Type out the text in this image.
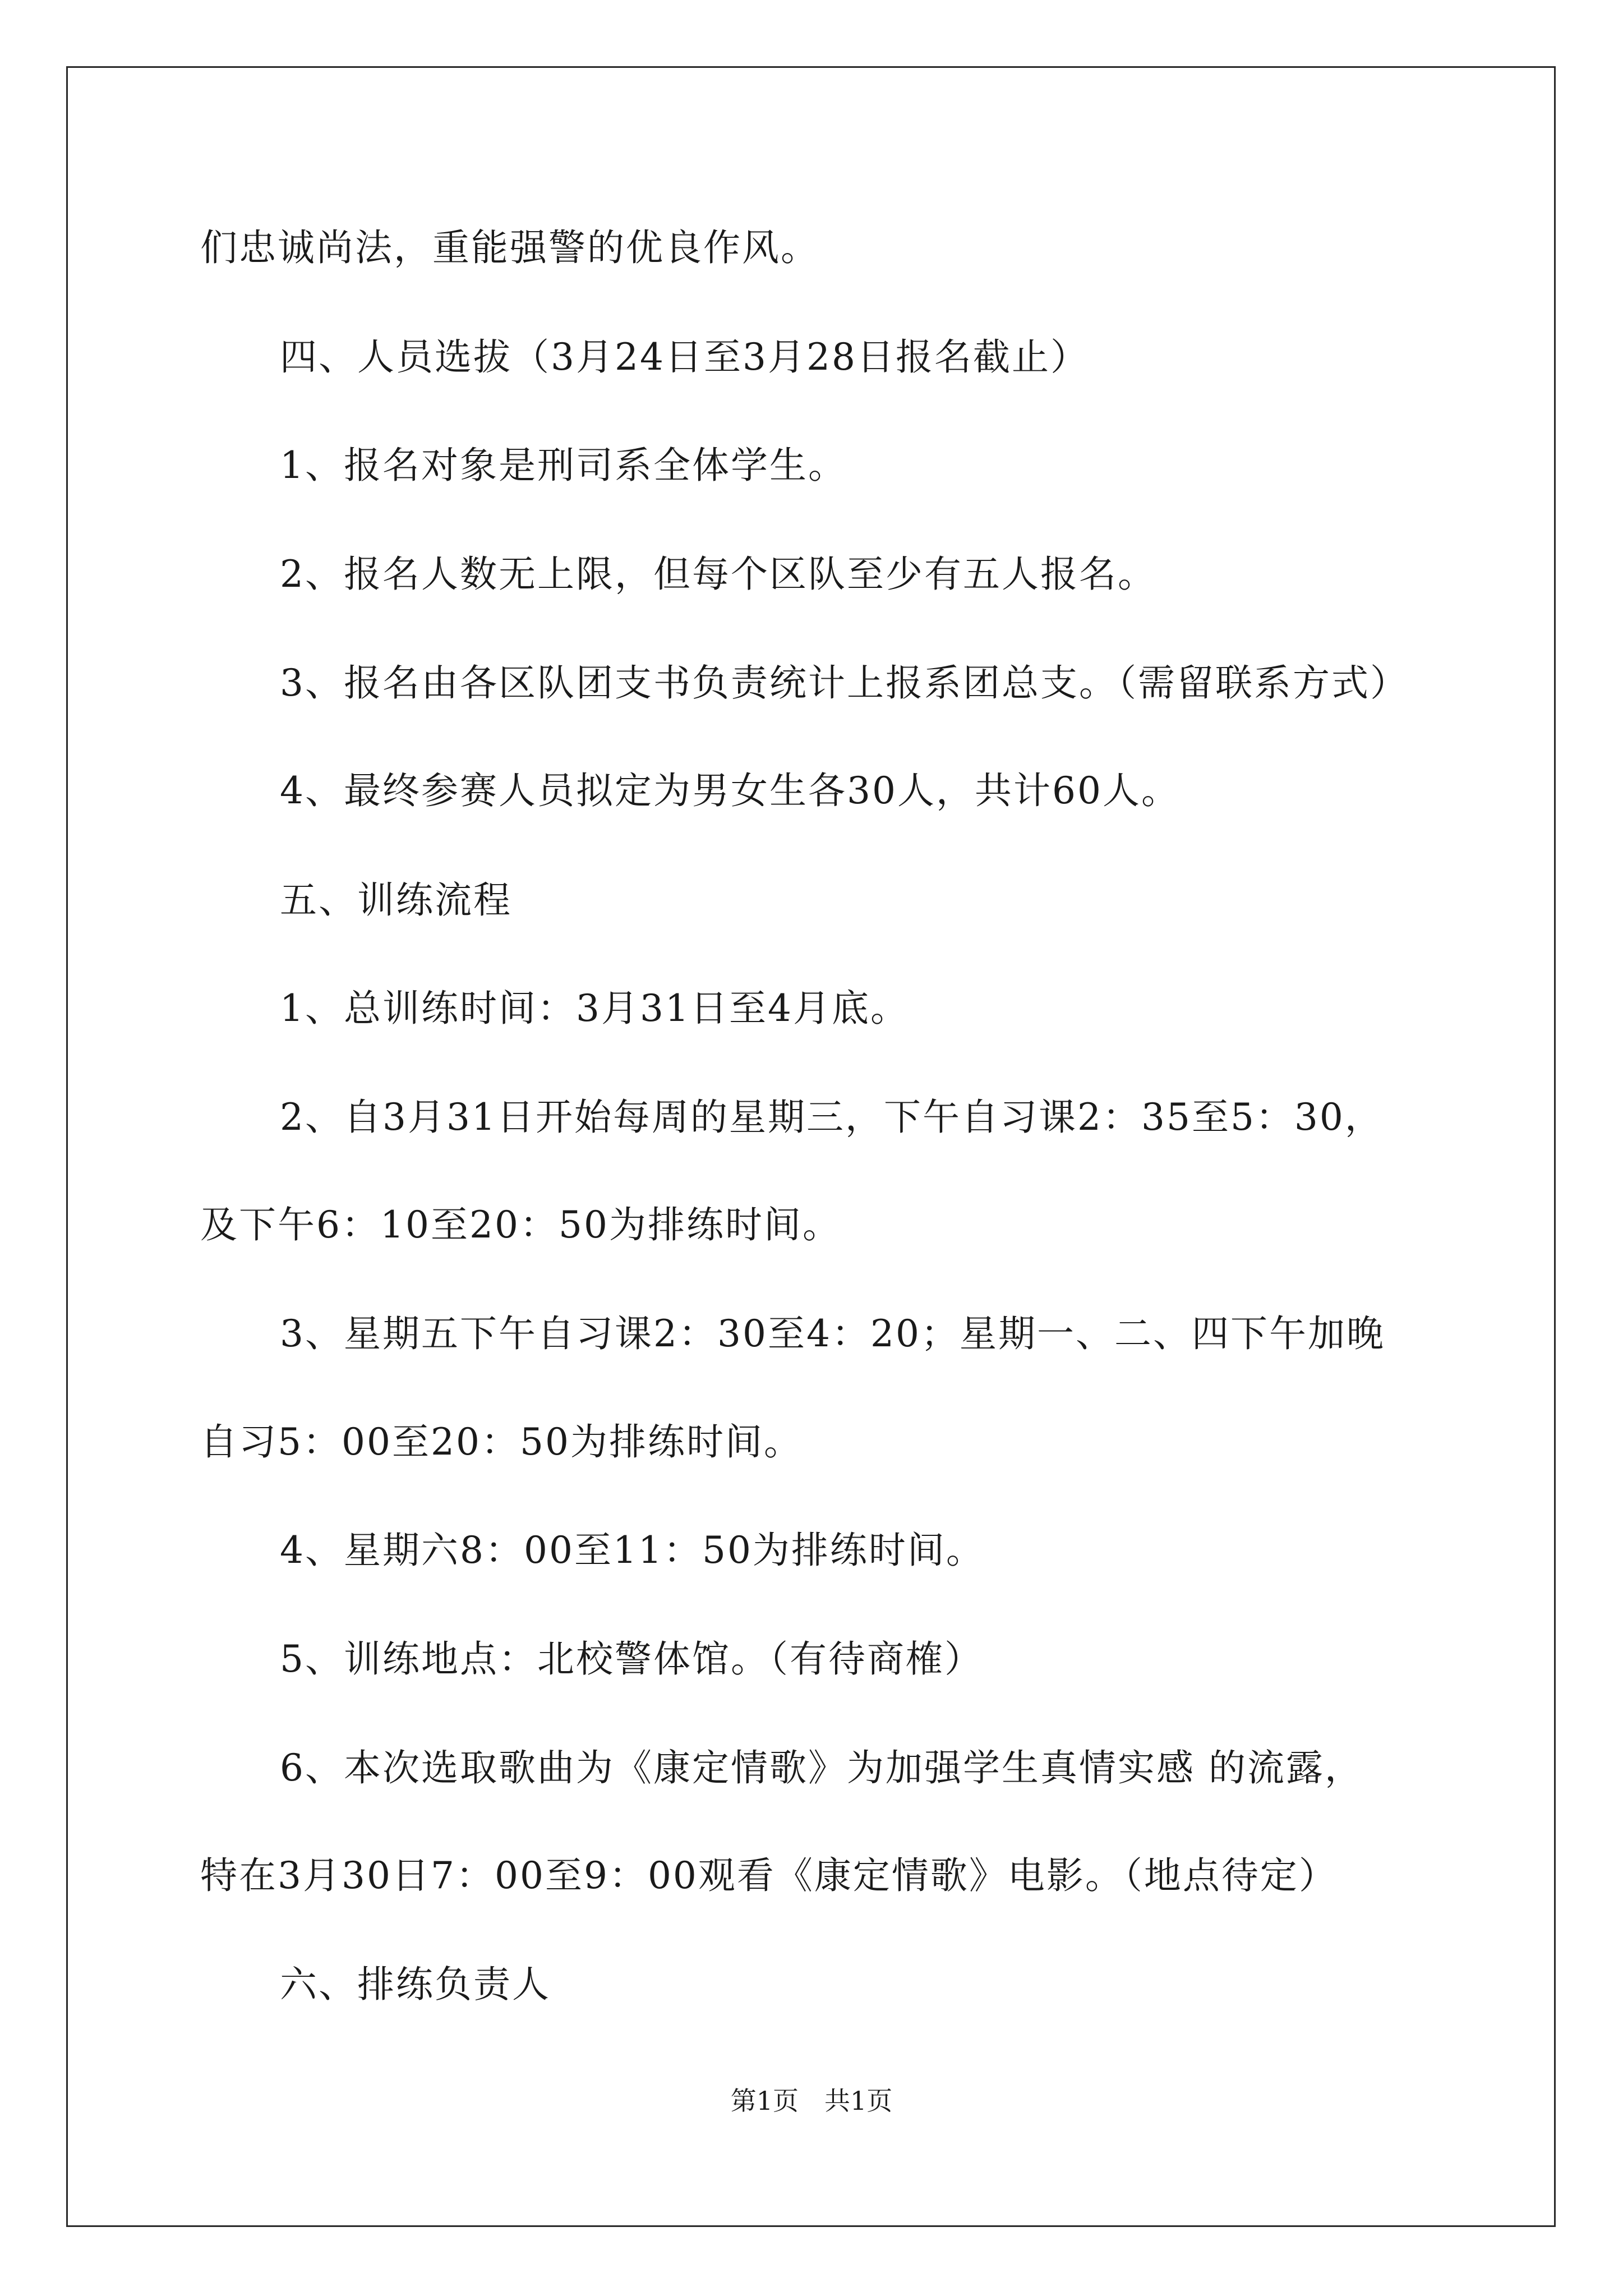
们忠诚尚法，重能强警的优良作风。
四、人员选拔（3月24日至3月28日报名截止）
1、报名对象是刑司系全体学生。
2、报名人数无上限，但每个区队至少有五人报名。
3、报名由各区队团支书负责统计上报系团总支。（需留联系方式）
4、最终参赛人员拟定为男女生各30人，共计60人。
五、训练流程
1、总训练时间：3月31日至4月底。
2、自3月31日开始每周的星期三，下午自习课2：35至5：30，
及下午6：10至20：50为排练时间。
3、星期五下午自习课2：30至4：20；星期一、二、四下午加晚
自习5：00至20：50为排练时间。
4、星期六8：00至11：50为排练时间。
5、训练地点：北校警体馆。（有待商榷）
6、本次选取歌曲为《康定情歌》为加强学生真情实感 的流露，
特在3月30日7：00至9：00观看《康定情歌》电影。（地点待定）
六、排练负责人
第1页　共1页
